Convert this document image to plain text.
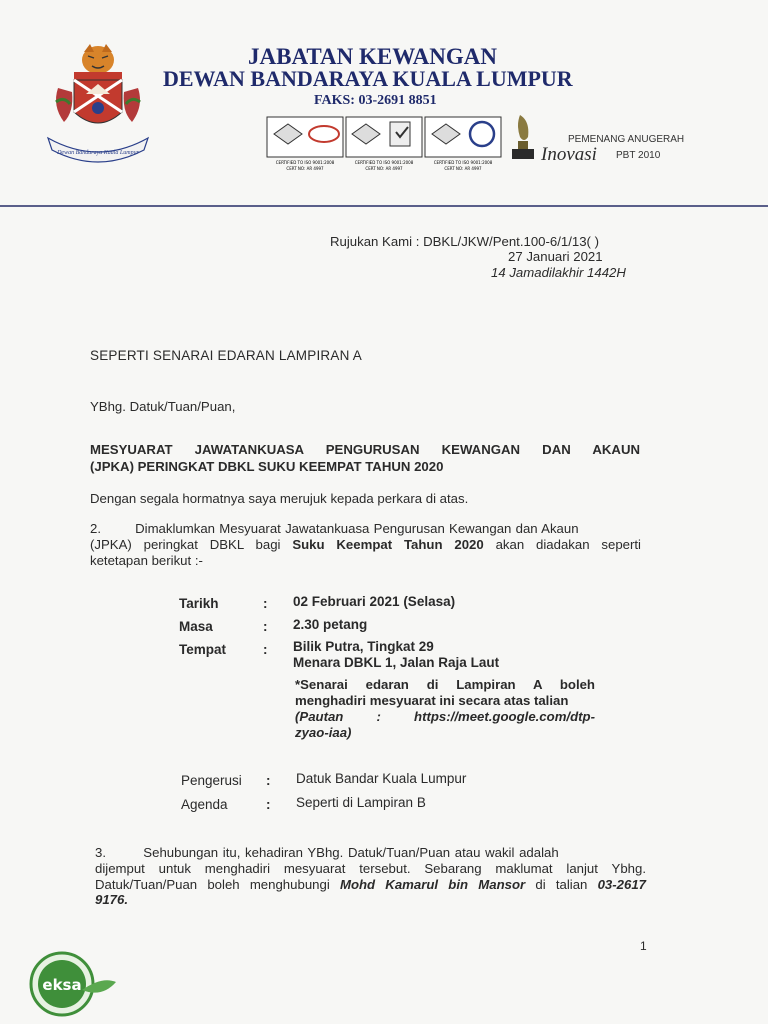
Dewan Bandaraya Kuala Lumpur
JABATAN KEWANGAN
DEWAN BANDARAYA KUALA LUMPUR
FAKS: 03-2691 8851
CERTIFIED TO ISO 9001:2008
CERT NO: AR 4997
CERTIFIED TO ISO 9001:2008
CERT NO: AR 4997
CERTIFIED TO ISO 9001:2008
CERT NO: AR 4997
PEMENANG ANUGERAH
Inovasi PBT 2010
Rujukan Kami : DBKL/JKW/Pent.100-6/1/13( )
27 Januari 2021
14 Jamadilakhir 1442H
SEPERTI SENARAI EDARAN LAMPIRAN A
YBhg. Datuk/Tuan/Puan,
MESYUARAT JAWATANKUASA PENGURUSAN KEWANGAN DAN AKAUN
(JPKA) PERINGKAT DBKL SUKU KEEMPAT TAHUN 2020
Dengan segala hormatnya saya merujuk kepada perkara di atas.
2.        Dimaklumkan Mesyuarat Jawatankuasa Pengurusan Kewangan dan Akaun
(JPKA) peringkat DBKL bagi Suku Keempat Tahun 2020 akan diadakan seperti
ketetapan berikut :-
Tarikh	: 02 Februari 2021 (Selasa)
Masa	: 2.30 petang
Tempat	: Bilik Putra, Tingkat 29
Menara DBKL 1, Jalan Raja Laut
*Senarai edaran di Lampiran A boleh
menghadiri mesyuarat ini secara atas talian
(Pautan    :    https://meet.google.com/dtp-
zyao-iaa)
Pengerusi : Datuk Bandar Kuala Lumpur
Agenda	: Seperti di Lampiran B
3.        Sehubungan itu, kehadiran YBhg. Datuk/Tuan/Puan atau wakil adalah
dijemput untuk menghadiri mesyuarat tersebut. Sebarang maklumat lanjut Ybhg.
Datuk/Tuan/Puan boleh menghubungi Mohd Kamarul bin Mansor di talian 03-2617
9176.
1
eksa
